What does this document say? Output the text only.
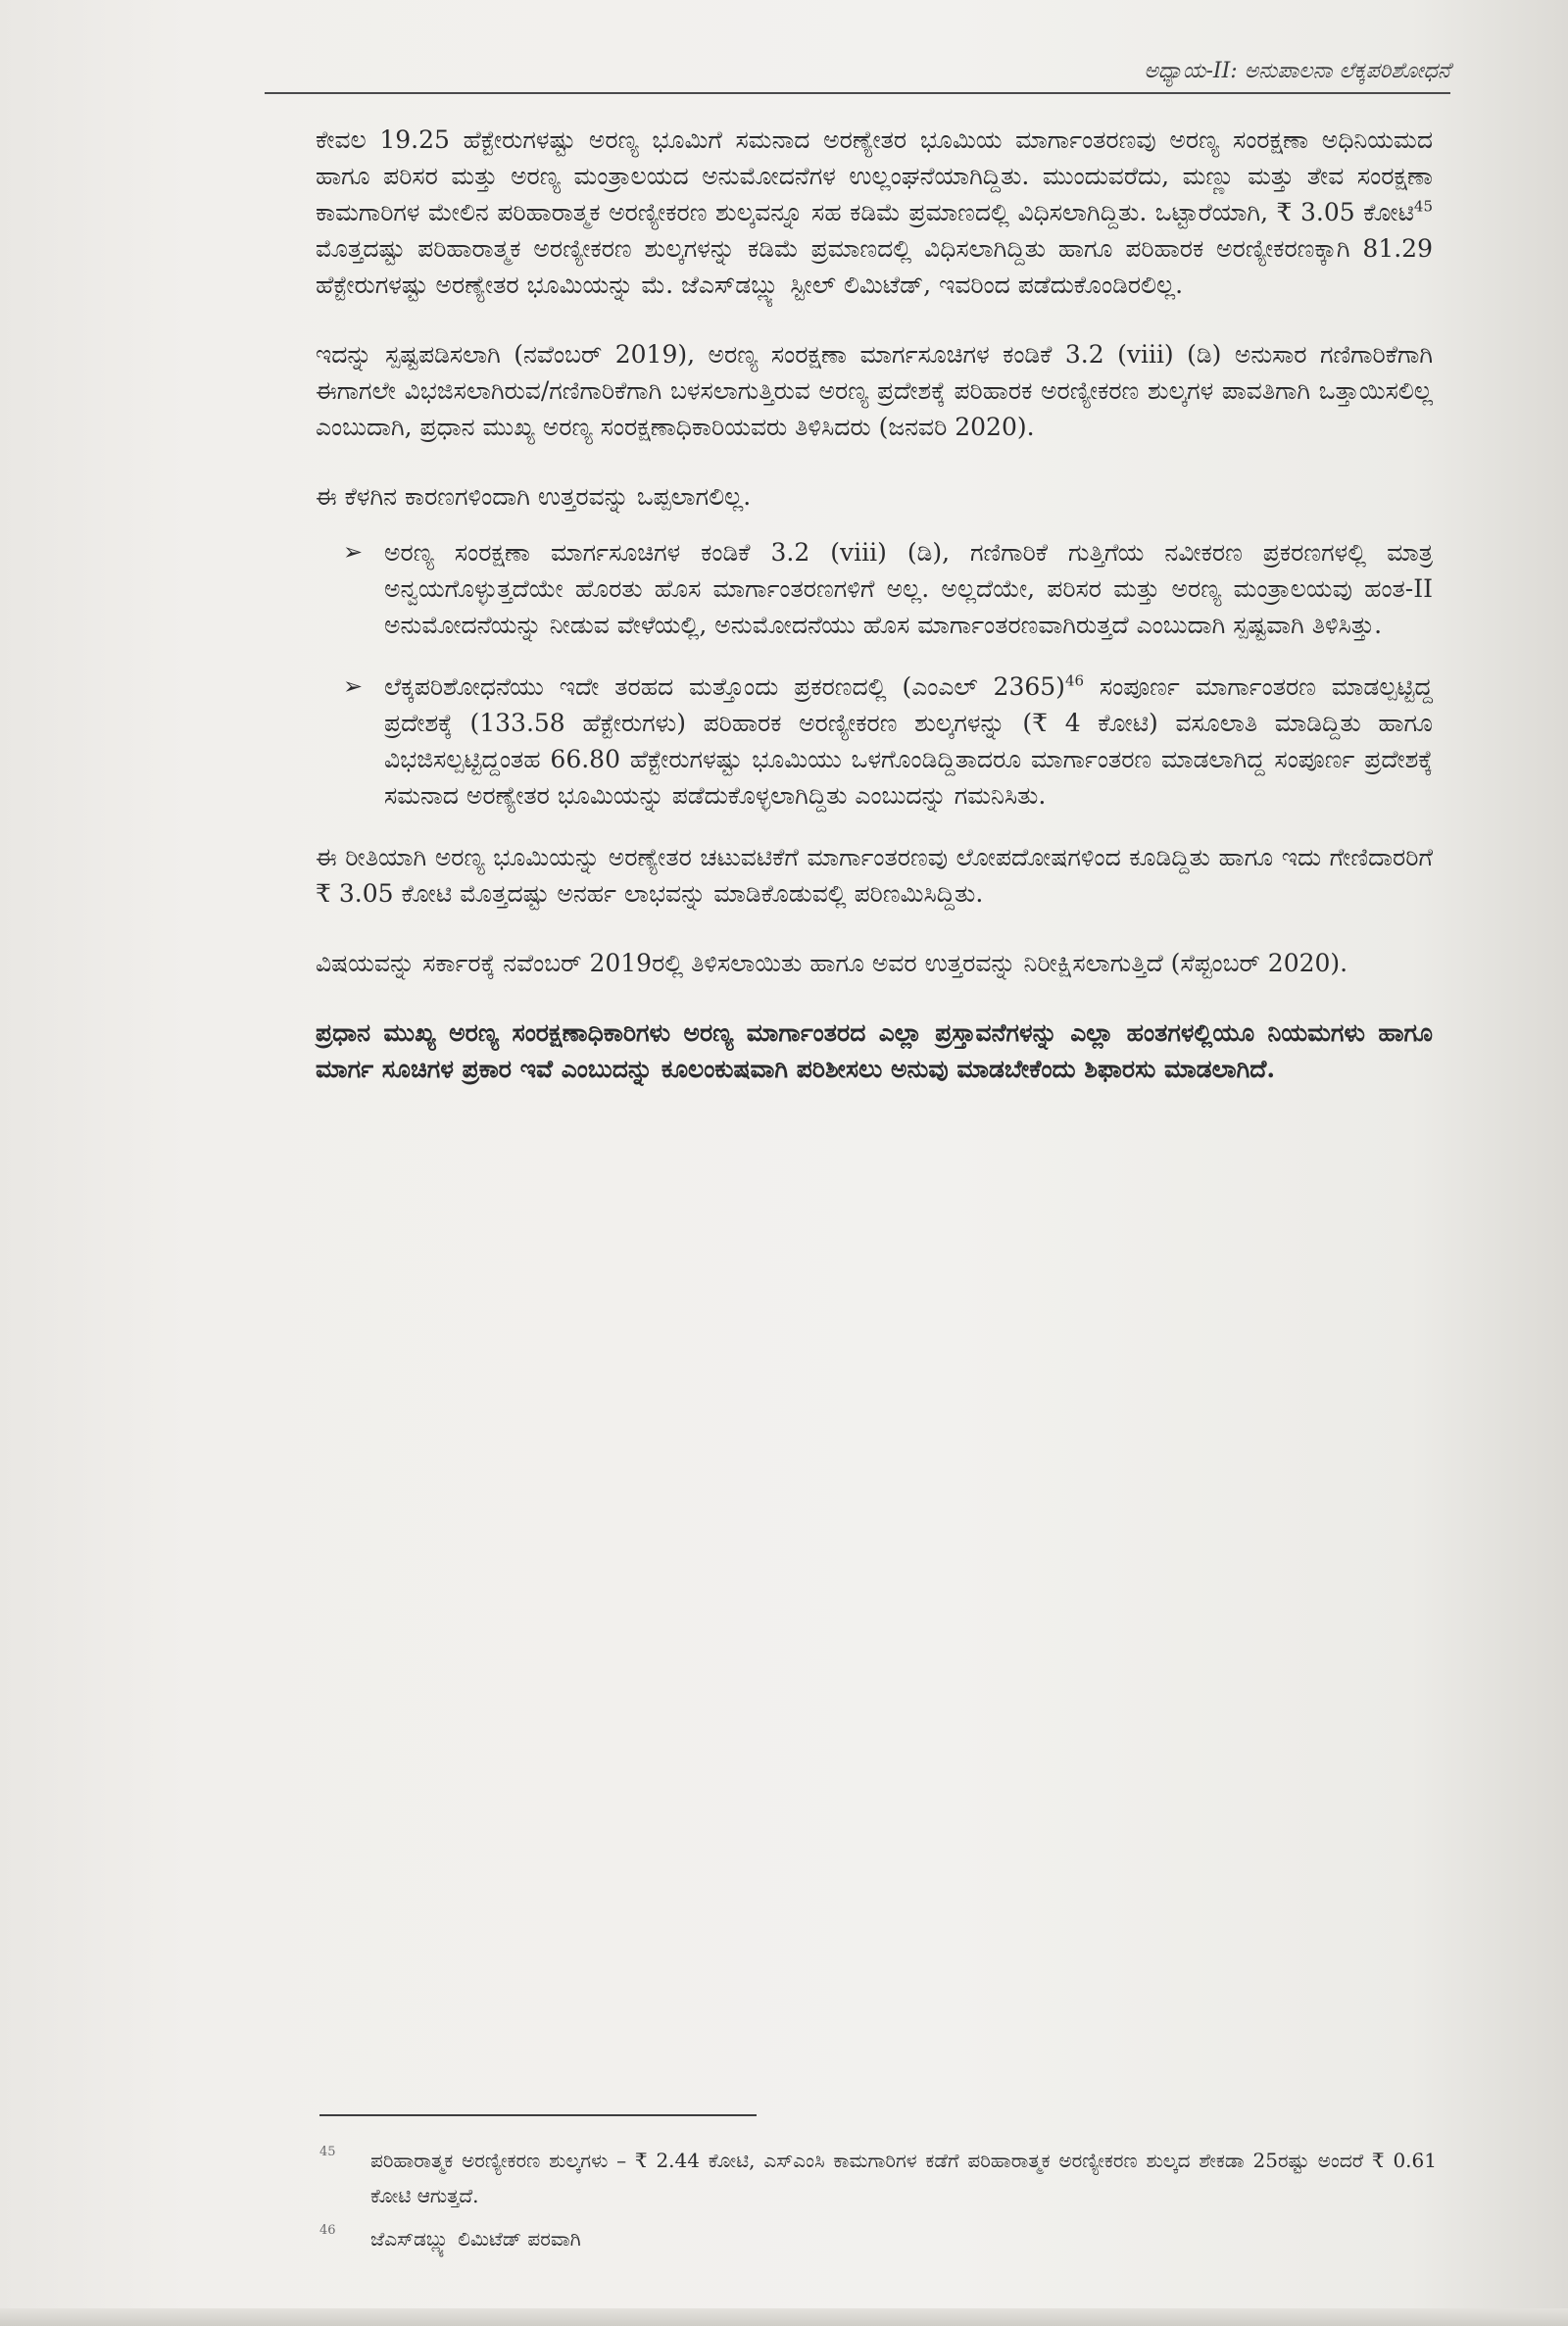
ಅಧ್ಯಾಯ-II: ಅನುಪಾಲನಾ ಲೆಕ್ಕಪರಿಶೋಧನೆ

ಕೇವಲ 19.25 ಹೆಕ್ಟೇರುಗಳಷ್ಟು ಅರಣ್ಯ ಭೂಮಿಗೆ ಸಮನಾದ ಅರಣ್ಯೇತರ ಭೂಮಿಯ ಮಾರ್ಗಾಂತರಣವು ಅರಣ್ಯ ಸಂರಕ್ಷಣಾ ಅಧಿನಿಯಮದ ಹಾಗೂ ಪರಿಸರ ಮತ್ತು ಅರಣ್ಯ ಮಂತ್ರಾಲಯದ ಅನುಮೋದನೆಗಳ ಉಲ್ಲಂಘನೆಯಾಗಿದ್ದಿತು. ಮುಂದುವರೆದು, ಮಣ್ಣು ಮತ್ತು ತೇವ ಸಂರಕ್ಷಣಾ ಕಾಮಗಾರಿಗಳ ಮೇಲಿನ ಪರಿಹಾರಾತ್ಮಕ ಅರಣ್ಯೀಕರಣ ಶುಲ್ಕವನ್ನೂ ಸಹ ಕಡಿಮೆ ಪ್ರಮಾಣದಲ್ಲಿ ವಿಧಿಸಲಾಗಿದ್ದಿತು. ಒಟ್ಟಾರೆಯಾಗಿ, ₹ 3.05 ಕೋಟಿ$^{45}$ ಮೊತ್ತದಷ್ಟು ಪರಿಹಾರಾತ್ಮಕ ಅರಣ್ಯೀಕರಣ ಶುಲ್ಕಗಳನ್ನು ಕಡಿಮೆ ಪ್ರಮಾಣದಲ್ಲಿ ವಿಧಿಸಲಾಗಿದ್ದಿತು ಹಾಗೂ ಪರಿಹಾರಕ ಅರಣ್ಯೀಕರಣಕ್ಕಾಗಿ 81.29 ಹೆಕ್ಟೇರುಗಳಷ್ಟು ಅರಣ್ಯೇತರ ಭೂಮಿಯನ್ನು ಮೆ. ಜೆಎಸ್‌ಡಬ್ಲ್ಯು ಸ್ಟೀಲ್ ಲಿಮಿಟೆಡ್, ಇವರಿಂದ ಪಡೆದುಕೊಂಡಿರಲಿಲ್ಲ.

ಇದನ್ನು ಸ್ಪಷ್ಟಪಡಿಸಲಾಗಿ (ನವೆಂಬರ್ 2019), ಅರಣ್ಯ ಸಂರಕ್ಷಣಾ ಮಾರ್ಗಸೂಚಿಗಳ ಕಂಡಿಕೆ 3.2 (viii) (ಡಿ) ಅನುಸಾರ ಗಣಿಗಾರಿಕೆಗಾಗಿ ಈಗಾಗಲೇ ವಿಭಜಿಸಲಾಗಿರುವ/ಗಣಿಗಾರಿಕೆಗಾಗಿ ಬಳಸಲಾಗುತ್ತಿರುವ ಅರಣ್ಯ ಪ್ರದೇಶಕ್ಕೆ ಪರಿಹಾರಕ ಅರಣ್ಯೀಕರಣ ಶುಲ್ಕಗಳ ಪಾವತಿಗಾಗಿ ಒತ್ತಾಯಿಸಲಿಲ್ಲ ಎಂಬುದಾಗಿ, ಪ್ರಧಾನ ಮುಖ್ಯ ಅರಣ್ಯ ಸಂರಕ್ಷಣಾಧಿಕಾರಿಯವರು ತಿಳಿಸಿದರು (ಜನವರಿ 2020).

ಈ ಕೆಳಗಿನ ಕಾರಣಗಳಿಂದಾಗಿ ಉತ್ತರವನ್ನು ಒಪ್ಪಲಾಗಲಿಲ್ಲ.

➢ ಅರಣ್ಯ ಸಂರಕ್ಷಣಾ ಮಾರ್ಗಸೂಚಿಗಳ ಕಂಡಿಕೆ 3.2 (viii) (ಡಿ), ಗಣಿಗಾರಿಕೆ ಗುತ್ತಿಗೆಯ ನವೀಕರಣ ಪ್ರಕರಣಗಳಲ್ಲಿ ಮಾತ್ರ ಅನ್ವಯಗೊಳ್ಳುತ್ತದೆಯೇ ಹೊರತು ಹೊಸ ಮಾರ್ಗಾಂತರಣಗಳಿಗೆ ಅಲ್ಲ. ಅಲ್ಲದೆಯೇ, ಪರಿಸರ ಮತ್ತು ಅರಣ್ಯ ಮಂತ್ರಾಲಯವು ಹಂತ-II ಅನುಮೋದನೆಯನ್ನು ನೀಡುವ ವೇಳೆಯಲ್ಲಿ, ಅನುಮೋದನೆಯು ಹೊಸ ಮಾರ್ಗಾಂತರಣವಾಗಿರುತ್ತದೆ ಎಂಬುದಾಗಿ ಸ್ಪಷ್ಟವಾಗಿ ತಿಳಿಸಿತ್ತು.
➢ ಲೆಕ್ಕಪರಿಶೋಧನೆಯು ಇದೇ ತರಹದ ಮತ್ತೊಂದು ಪ್ರಕರಣದಲ್ಲಿ (ಎಂಎಲ್ 2365)$^{46}$ ಸಂಪೂರ್ಣ ಮಾರ್ಗಾಂತರಣ ಮಾಡಲ್ಪಟ್ಟಿದ್ದ ಪ್ರದೇಶಕ್ಕೆ (133.58 ಹೆಕ್ಟೇರುಗಳು) ಪರಿಹಾರಕ ಅರಣ್ಯೀಕರಣ ಶುಲ್ಕಗಳನ್ನು (₹ 4 ಕೋಟಿ) ವಸೂಲಾತಿ ಮಾಡಿದ್ದಿತು ಹಾಗೂ ವಿಭಜಿಸಲ್ಪಟ್ಟಿದ್ದಂತಹ 66.80 ಹೆಕ್ಟೇರುಗಳಷ್ಟು ಭೂಮಿಯು ಒಳಗೊಂಡಿದ್ದಿತಾದರೂ ಮಾರ್ಗಾಂತರಣ ಮಾಡಲಾಗಿದ್ದ ಸಂಪೂರ್ಣ ಪ್ರದೇಶಕ್ಕೆ ಸಮನಾದ ಅರಣ್ಯೇತರ ಭೂಮಿಯನ್ನು ಪಡೆದುಕೊಳ್ಳಲಾಗಿದ್ದಿತು ಎಂಬುದನ್ನು ಗಮನಿಸಿತು.

ಈ ರೀತಿಯಾಗಿ ಅರಣ್ಯ ಭೂಮಿಯನ್ನು ಅರಣ್ಯೇತರ ಚಟುವಟಿಕೆಗೆ ಮಾರ್ಗಾಂತರಣವು ಲೋಪದೋಷಗಳಿಂದ ಕೂಡಿದ್ದಿತು ಹಾಗೂ ಇದು ಗೇಣಿದಾರರಿಗೆ ₹ 3.05 ಕೋಟಿ ಮೊತ್ತದಷ್ಟು ಅನರ್ಹ ಲಾಭವನ್ನು ಮಾಡಿಕೊಡುವಲ್ಲಿ ಪರಿಣಮಿಸಿದ್ದಿತು.

ವಿಷಯವನ್ನು ಸರ್ಕಾರಕ್ಕೆ ನವೆಂಬರ್ 2019ರಲ್ಲಿ ತಿಳಿಸಲಾಯಿತು ಹಾಗೂ ಅವರ ಉತ್ತರವನ್ನು ನಿರೀಕ್ಷಿಸಲಾಗುತ್ತಿದೆ (ಸೆಪ್ಟಂಬರ್ 2020).

ಪ್ರಧಾನ ಮುಖ್ಯ ಅರಣ್ಯ ಸಂರಕ್ಷಣಾಧಿಕಾರಿಗಳು ಅರಣ್ಯ ಮಾರ್ಗಾಂತರದ ಎಲ್ಲಾ ಪ್ರಸ್ತಾವನೆಗಳನ್ನು ಎಲ್ಲಾ ಹಂತಗಳಲ್ಲಿಯೂ ನಿಯಮಗಳು ಹಾಗೂ ಮಾರ್ಗ ಸೂಚಿಗಳ ಪ್ರಕಾರ ಇವೆ ಎಂಬುದನ್ನು ಕೂಲಂಕುಷವಾಗಿ ಪರಿಶೀಸಲು ಅನುವು ಮಾಡಬೇಕೆಂದು ಶಿಫಾರಸು ಮಾಡಲಾಗಿದೆ.

45 ಪರಿಹಾರಾತ್ಮಕ ಅರಣ್ಯೀಕರಣ ಶುಲ್ಕಗಳು – ₹ 2.44 ಕೋಟಿ, ಎಸ್‌ಎಂಸಿ ಕಾಮಗಾರಿಗಳ ಕಡೆಗೆ ಪರಿಹಾರಾತ್ಮಕ ಅರಣ್ಯೀಕರಣ ಶುಲ್ಕದ ಶೇಕಡಾ 25ರಷ್ಟು ಅಂದರೆ ₹ 0.61 ಕೋಟಿ ಆಗುತ್ತದೆ.
46 ಜೆಎಸ್‌ಡಬ್ಲ್ಯು ಲಿಮಿಟೆಡ್ ಪರವಾಗಿ
